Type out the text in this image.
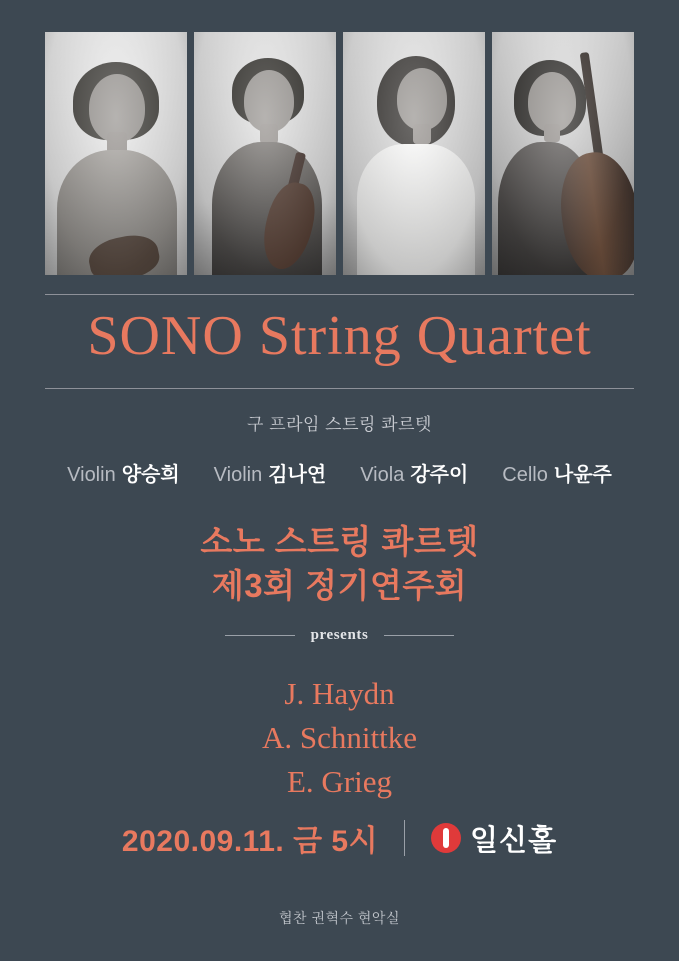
SONO String Quartet
구 프라임 스트링 콰르텟
Violin 양승희 Violin 김나연 Viola 강주이 Cello 나윤주
소노 스트링 콰르텟
제3회 정기연주회
presents
J. Haydn
A. Schnittke
E. Grieg
2020.09.11. 금 5시	일신홀
협찬 권혁수 현악실
